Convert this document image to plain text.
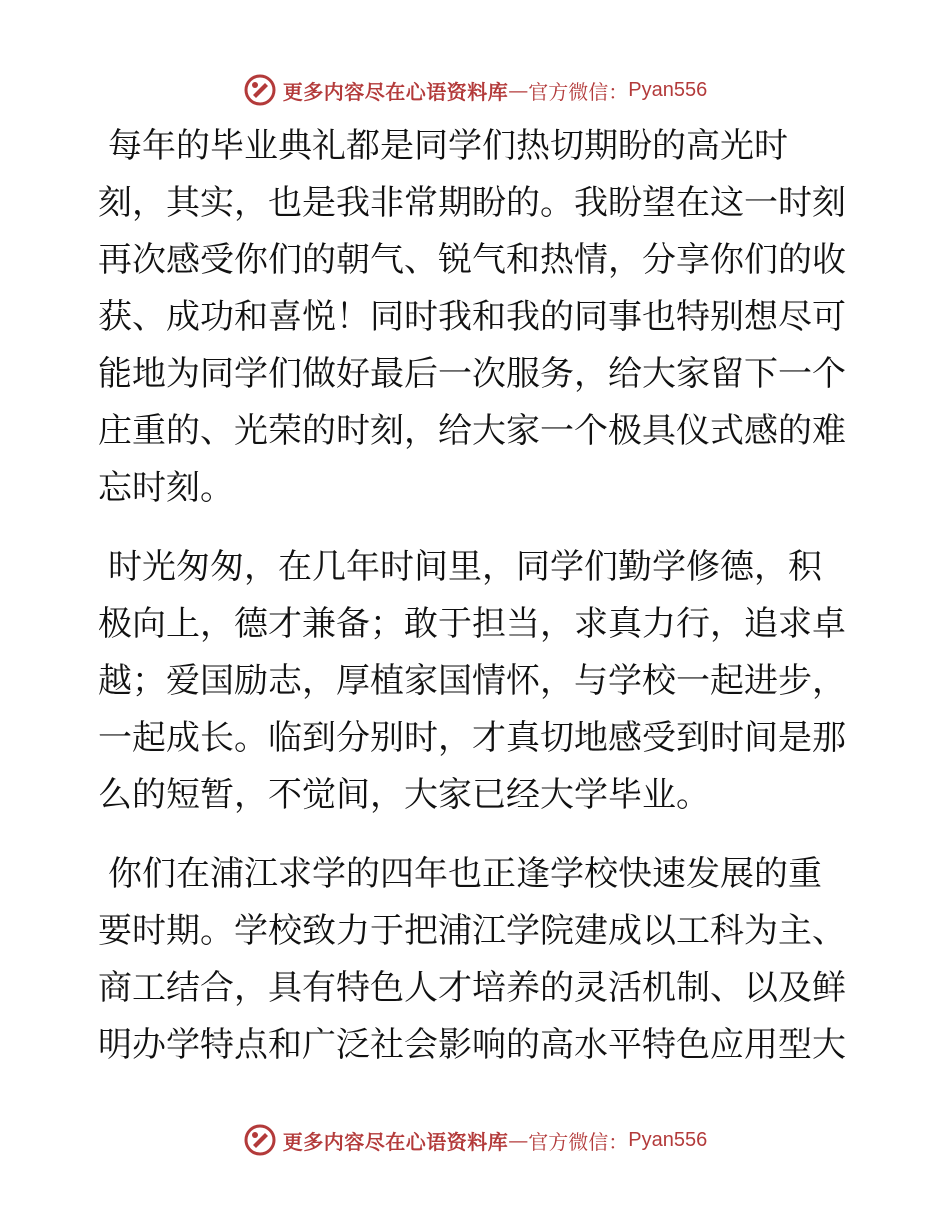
更多内容尽在心语资料库 — 官方微信： Pyan556
每年的毕业典礼都是同学们热切期盼的高光时
刻，其实，也是我非常期盼的。我盼望在这一时刻
再次感受你们的朝气、锐气和热情，分享你们的收
获、成功和喜悦！同时我和我的同事也特别想尽可
能地为同学们做好最后一次服务，给大家留下一个
庄重的、光荣的时刻，给大家一个极具仪式感的难
忘时刻。
时光匆匆，在几年时间里，同学们勤学修德，积
极向上，德才兼备；敢于担当，求真力行，追求卓
越；爱国励志，厚植家国情怀，与学校一起进步，
一起成长。临到分别时，才真切地感受到时间是那
么的短暂，不觉间，大家已经大学毕业。
你们在浦江求学的四年也正逢学校快速发展的重
要时期。学校致力于把浦江学院建成以工科为主、
商工结合，具有特色人才培养的灵活机制、以及鲜
明办学特点和广泛社会影响的高水平特色应用型大
更多内容尽在心语资料库 — 官方微信： Pyan556
